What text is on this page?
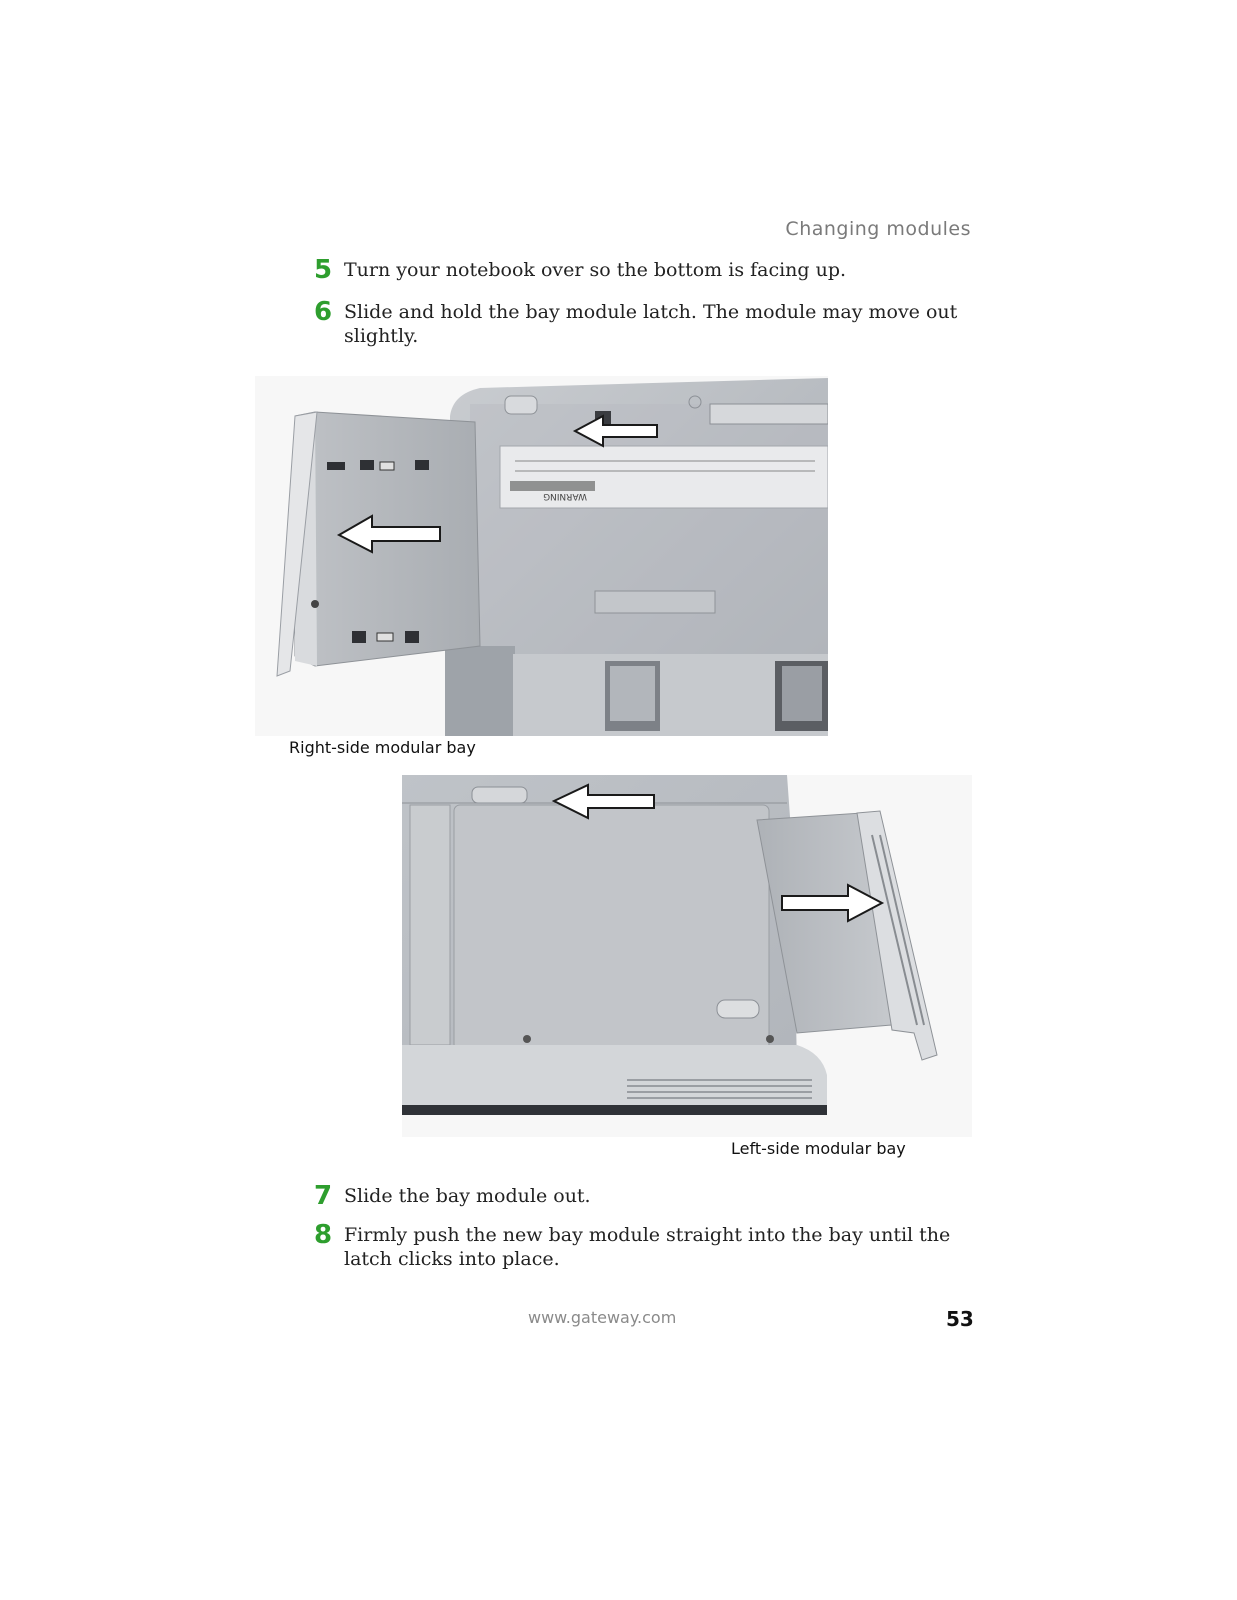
Changing modules
5 Turn your notebook over so the bottom is facing up.
6 Slide and hold the bay module latch. The module may move out slightly.
WARNING
Right-side modular bay
Left-side modular bay
7 Slide the bay module out.
8 Firmly push the new bay module straight into the bay until the latch clicks into place.
www.gateway.com	53
